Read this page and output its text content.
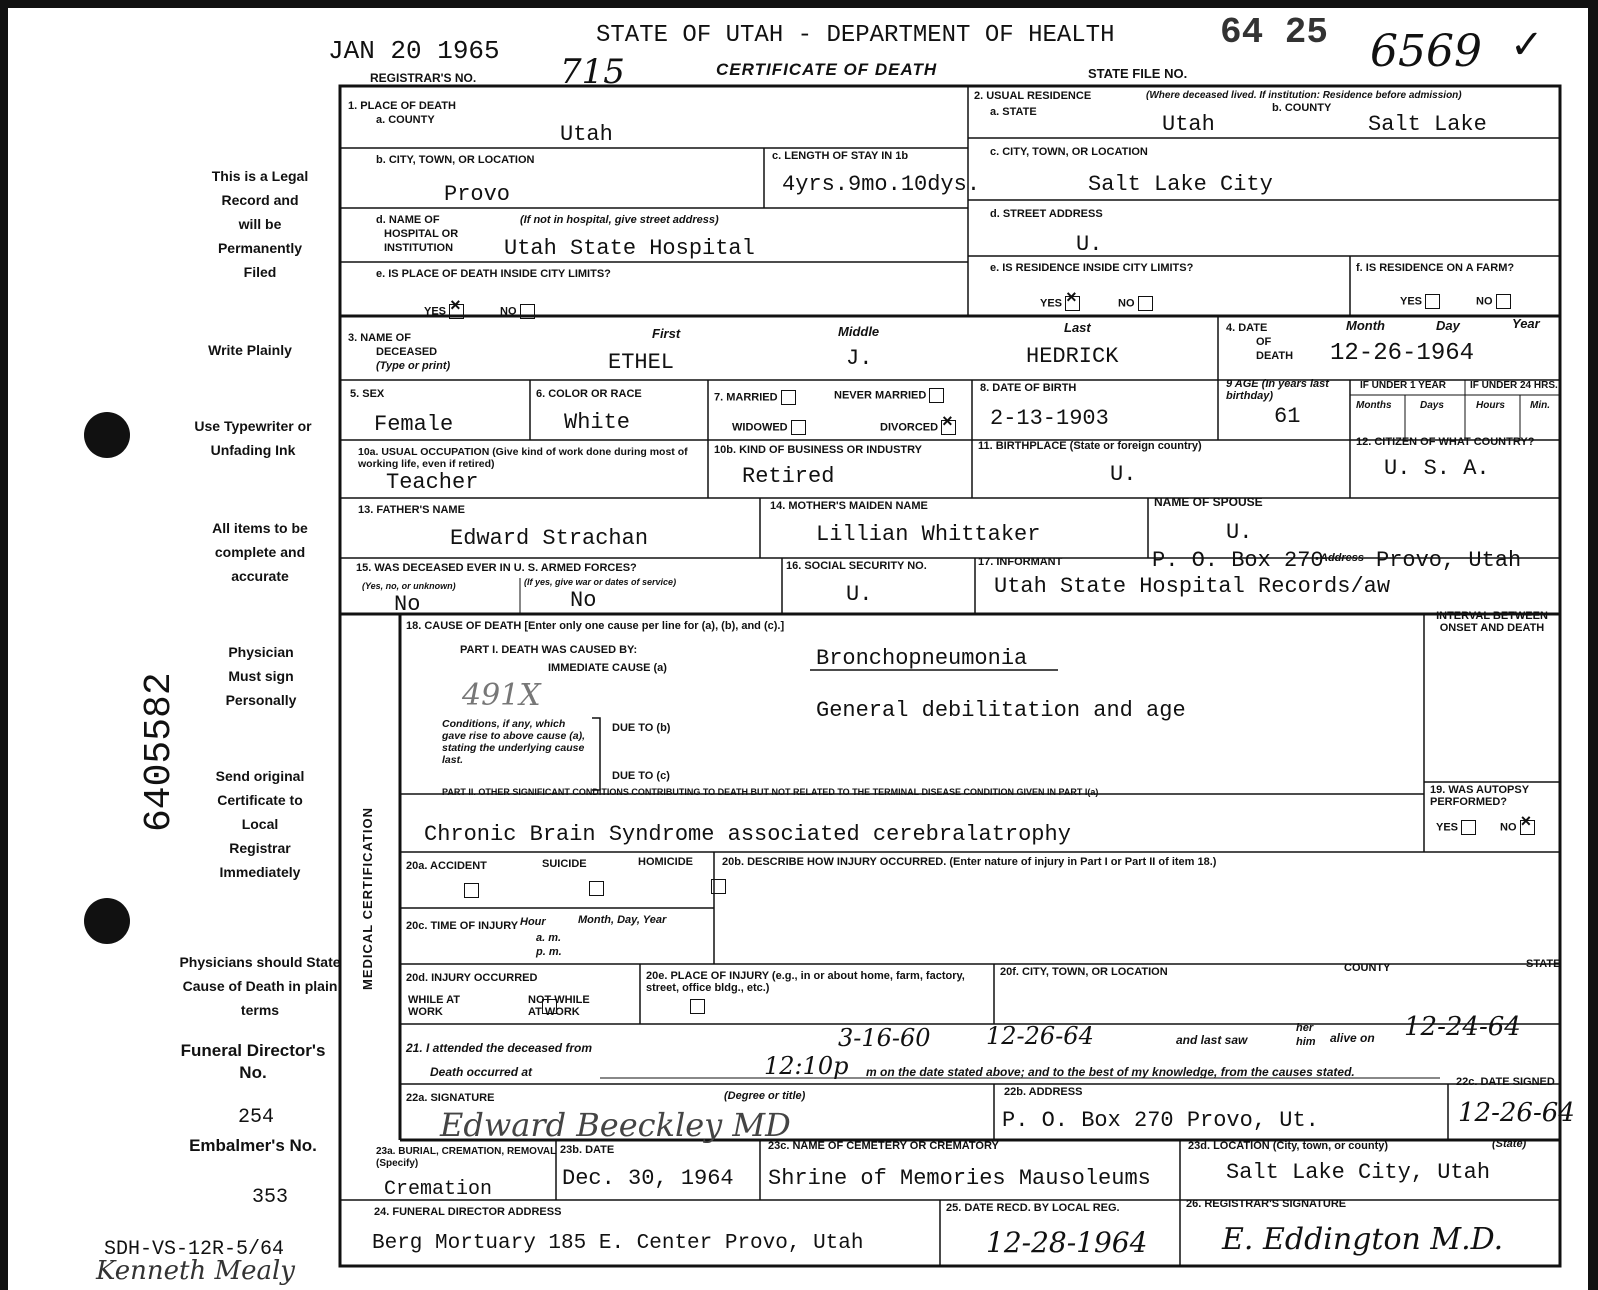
6405582
JAN 20 1965
STATE OF UTAH - DEPARTMENT OF HEALTH	64 25 6569 ✓
REGISTRAR'S NO. 715	CERTIFICATE OF DEATH	STATE FILE NO.
This is a Legal Record and will be Permanently Filed
Write Plainly
Use Typewriter or Unfading Ink
All items to be complete and accurate
Physician Must sign Personally
Send original Certificate to Local Registrar Immediately
Physicians should State Cause of Death in plain terms
Funeral Director's No.
254
Embalmer's No.
353
SDH-VS-12R-5/64
1. PLACE OF DEATH
a. COUNTY
Utah
b. CITY, TOWN, OR LOCATION
Provo
c. LENGTH OF STAY IN 1b
4yrs.9mo.10dys.
d. NAME OF
HOSPITAL OR
INSTITUTION
(If not in hospital, give street address)
Utah State Hospital
e. IS PLACE OF DEATH INSIDE CITY LIMITS?
YES ×	NO
2. USUAL RESIDENCE	(Where deceased lived. If institution: Residence before admission)
a. STATE	Utah
b. COUNTY
Salt Lake
c. CITY, TOWN, OR LOCATION
Salt Lake City
d. STREET ADDRESS
U.
e. IS RESIDENCE INSIDE CITY LIMITS?
YES ×	NO
f. IS RESIDENCE ON A FARM?
YES	NO
3. NAME OF
DECEASED
(Type or print)
First	Middle	Last
ETHEL	J.	HEDRICK
4. DATE
OF
DEATH
Month	Day	Year
12-26-1964
5. SEX
Female
6. COLOR OR RACE
White
7. MARRIED	NEVER MARRIED
WIDOWED	DIVORCED ×
8. DATE OF BIRTH
2-13-1903
9 AGE (In years last birthday)
61
IF UNDER 1 YEAR IF UNDER 24 HRS.
Months	Days	Hours	Min.
10a. USUAL OCCUPATION (Give kind of work done during most of working life, even if retired)
Teacher
10b. KIND OF BUSINESS OR INDUSTRY
Retired
11. BIRTHPLACE (State or foreign country)
U.
12. CITIZEN OF WHAT COUNTRY?
U. S. A.
13. FATHER'S NAME
Edward Strachan
14. MOTHER'S MAIDEN NAME
Lillian Whittaker
NAME OF SPOUSE
U.
15. WAS DECEASED EVER IN U. S. ARMED FORCES?
(Yes, no, or unknown)	(If yes, give war or dates of service)
No	No
16. SOCIAL SECURITY NO.
U.
17. INFORMANT	P. O. Box 270
Address Provo, Utah
Utah State Hospital Records/aw
MEDICAL CERTIFICATION
18. CAUSE OF DEATH [Enter only one cause per line for (a), (b), and (c).]
INTERVAL BETWEEN ONSET AND DEATH
PART I. DEATH WAS CAUSED BY:
IMMEDIATE CAUSE (a)	Bronchopneumonia
491X
Conditions, if any, which gave rise to above cause (a), stating the underlying cause last.
DUE TO (b)
General debilitation and age
DUE TO (c)
PART II. OTHER SIGNIFICANT CONDITIONS CONTRIBUTING TO DEATH BUT NOT RELATED TO THE TERMINAL DISEASE CONDITION GIVEN IN PART I(a)
Chronic Brain Syndrome associated cerebralatrophy
19. WAS AUTOPSY PERFORMED?
YES	NO ×
20a. ACCIDENT	SUICIDE	HOMICIDE
	20b. DESCRIBE HOW INJURY OCCURRED. (Enter nature of injury in Part I or Part II of item 18.)
20c. TIME OF INJURY Hour
a. m.
p. m.
Month, Day, Year
20d. INJURY OCCURRED
WHILE AT WORK

NOT WHILE AT WORK
20e. PLACE OF INJURY (e.g., in or about home, farm, factory, street, office bldg., etc.)
20f. CITY, TOWN, OR LOCATION	COUNTY	STATE
21. I attended the deceased from	3-16-60 12-26-64	and last saw
her
him alive on 12-24-64
Death occurred at	12:10p m on the date stated above; and to the best of my knowledge, from the causes stated.
22a. SIGNATURE	(Degree or title)
Edward Beeckley MD
22b. ADDRESS
P. O. Box 270 Provo, Ut.
22c. DATE SIGNED
12-26-64
23a. BURIAL, CREMATION, REMOVAL (Specify)
Cremation
23b. DATE
Dec. 30, 1964
23c. NAME OF CEMETERY OR CREMATORY
Shrine of Memories Mausoleums
23d. LOCATION (City, town, or county)	(State)
Salt Lake City, Utah
24. FUNERAL DIRECTOR ADDRESS
Berg Mortuary 185 E. Center Provo, Utah
25. DATE RECD. BY LOCAL REG.
12-28-1964
26. REGISTRAR'S SIGNATURE
E. Eddington M.D.
Kenneth Mealy
